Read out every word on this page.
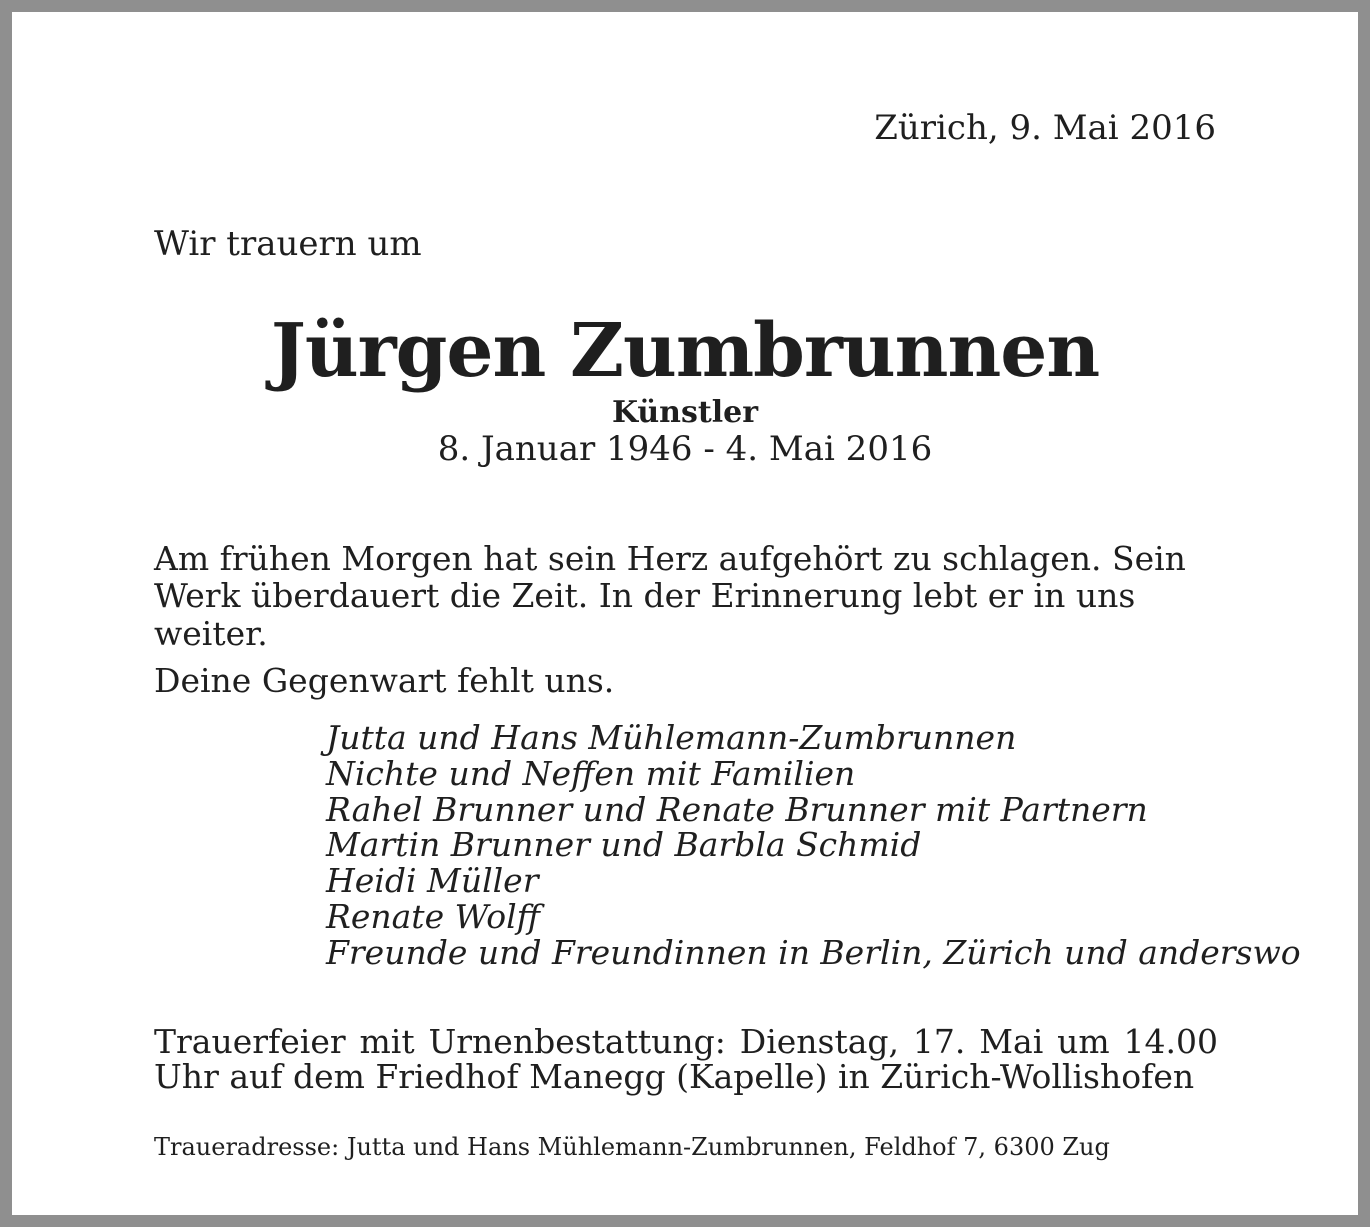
Zürich, 9. Mai 2016
Wir trauern um
Jürgen Zumbrunnen
Künstler
8. Januar 1946 - 4. Mai 2016

Am frühen Morgen hat sein Herz aufgehört zu schlagen. Sein Werk überdauert die Zeit. In der Erinnerung lebt er in uns weiter.

Deine Gegenwart fehlt uns.

Jutta und Hans Mühlemann-Zumbrunnen
Nichte und Neffen mit Familien
Rahel Brunner und Renate Brunner mit Partnern
Martin Brunner und Barbla Schmid
Heidi Müller
Renate Wolff
Freunde und Freundinnen in Berlin, Zürich und anderswo

Trauerfeier mit Urnenbestattung: Dienstag, 17. Mai um 14.00 Uhr auf dem Friedhof Manegg (Kapelle) in Zürich-Wollishofen

Traueradresse: Jutta und Hans Mühlemann-Zumbrunnen, Feldhof 7, 6300 Zug
